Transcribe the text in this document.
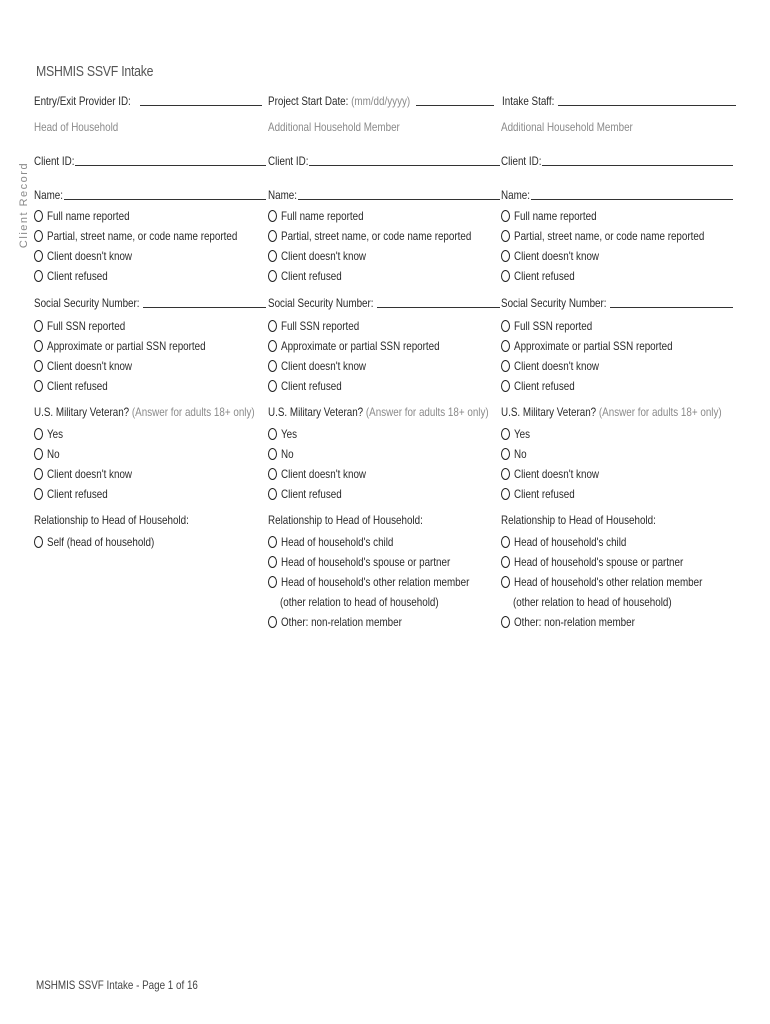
MSHMIS SSVF Intake
Entry/Exit Provider ID:	Project Start Date: (mm/dd/yyyy)	Intake Staff:
Client Record
Head of Household
Client ID:
Name:
Full name reported
Partial, street name, or code name reported
Client doesn't know
Client refused
Social Security Number:
Full SSN reported
Approximate or partial SSN reported
Client doesn't know
Client refused
U.S. Military Veteran? (Answer for adults 18+ only)
Yes
No
Client doesn't know
Client refused
Relationship to Head of Household:
Self (head of household)
Additional Household Member
Client ID:
Name:
Full name reported
Partial, street name, or code name reported
Client doesn't know
Client refused
Social Security Number:
Full SSN reported
Approximate or partial SSN reported
Client doesn't know
Client refused
U.S. Military Veteran? (Answer for adults 18+ only)
Yes
No
Client doesn't know
Client refused
Relationship to Head of Household:
Head of household's child
Head of household's spouse or partner
Head of household's other relation member
(other relation to head of household)
Other: non-relation member
Additional Household Member
Client ID:
Name:
Full name reported
Partial, street name, or code name reported
Client doesn't know
Client refused
Social Security Number:
Full SSN reported
Approximate or partial SSN reported
Client doesn't know
Client refused
U.S. Military Veteran? (Answer for adults 18+ only)
Yes
No
Client doesn't know
Client refused
Relationship to Head of Household:
Head of household's child
Head of household's spouse or partner
Head of household's other relation member
(other relation to head of household)
Other: non-relation member
MSHMIS SSVF Intake - Page 1 of 16
